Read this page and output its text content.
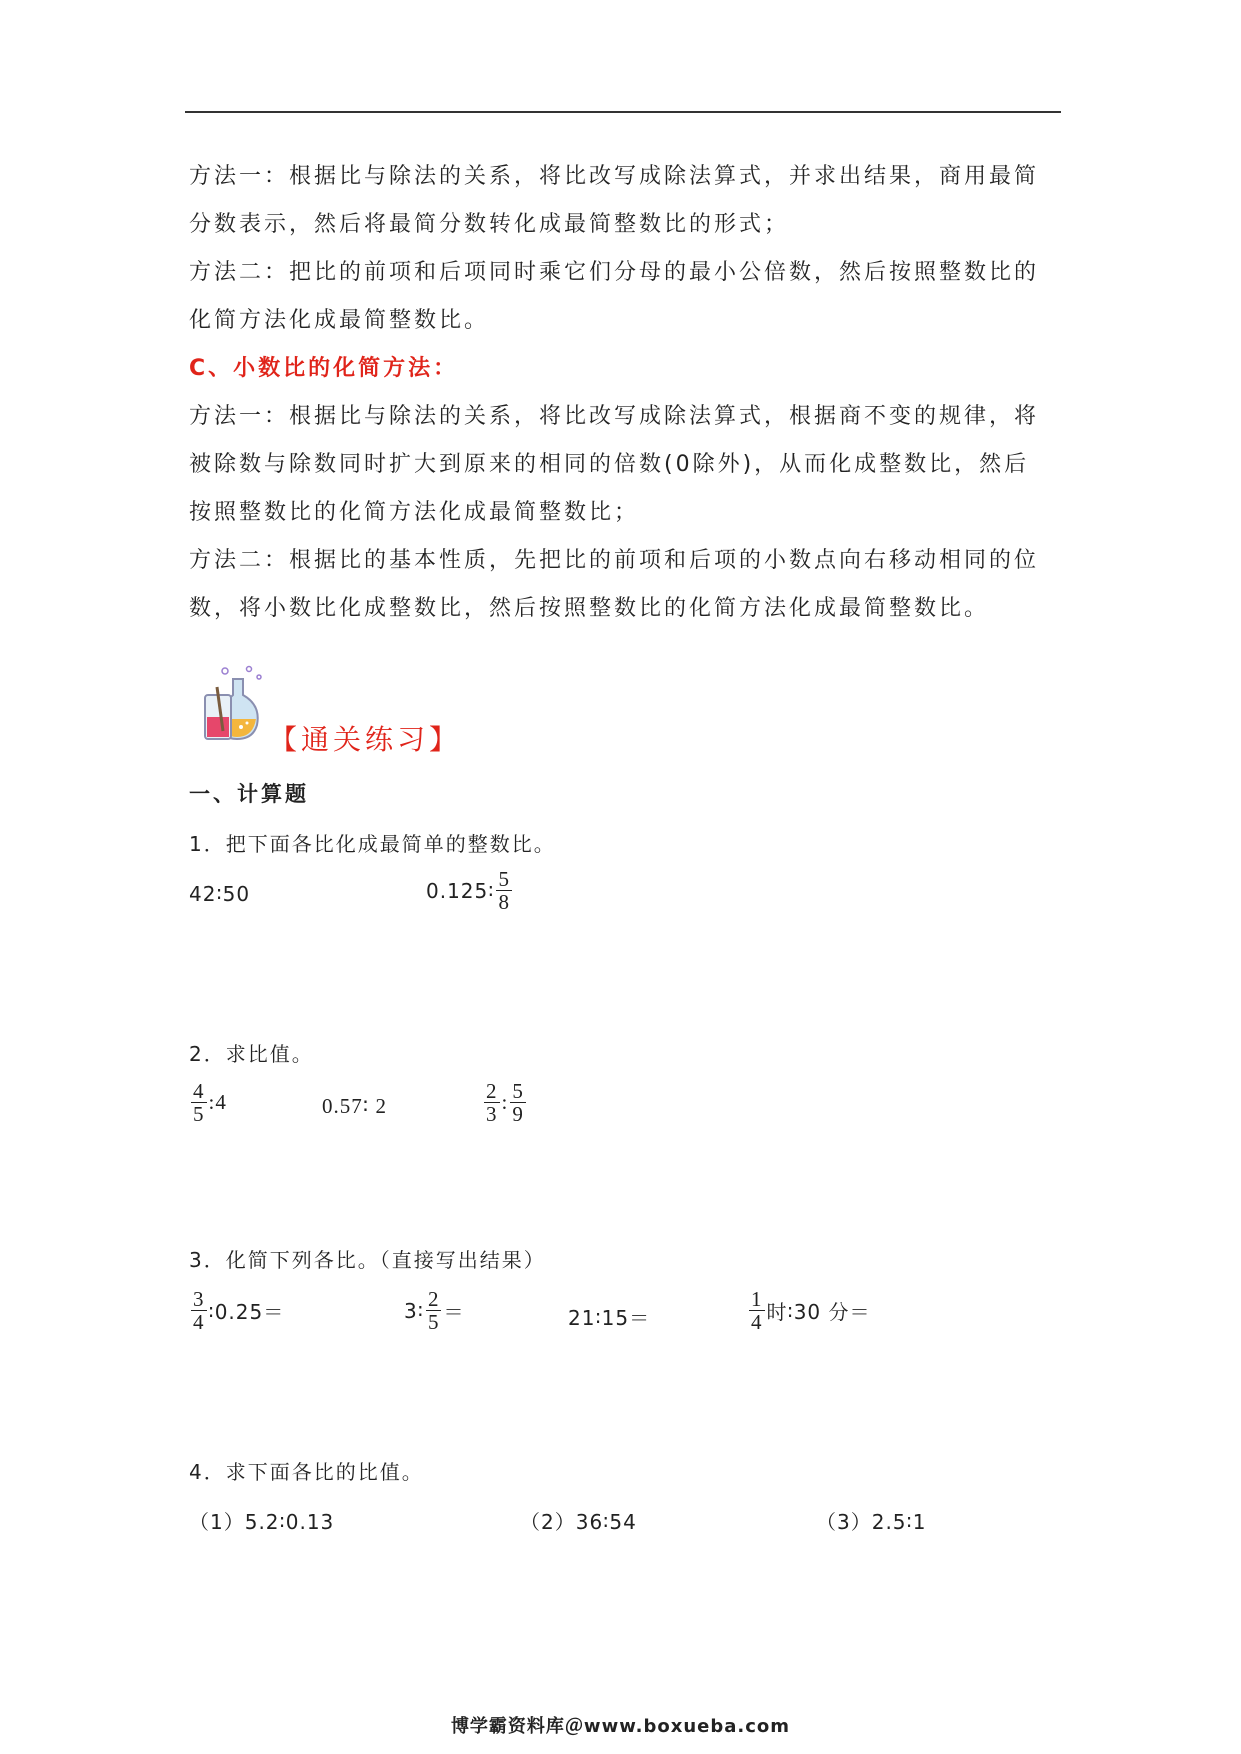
方法一：根据比与除法的关系，将比改写成除法算式，并求出结果，商用最简分数表示，然后将最简分数转化成最简整数比的形式；

方法二：把比的前项和后项同时乘它们分母的最小公倍数，然后按照整数比的化简方法化成最简整数比。

C、小数比的化简方法：

方法一：根据比与除法的关系，将比改写成除法算式，根据商不变的规律，将被除数与除数同时扩大到原来的相同的倍数(0除外)，从而化成整数比，然后按照整数比的化简方法化成最简整数比；

方法二：根据比的基本性质，先把比的前项和后项的小数点向右移动相同的位数，将小数比化成整数比，然后按照整数比的化简方法化成最简整数比。

【通关练习】
一、计算题
1．把下面各比化成最简单的整数比。
42∶50	0.125∶ $\frac{5}{8}$
2．求比值。
$\frac{4}{5}$ :4	0.57∶ 2	$\frac{2}{3}$ : $\frac{5}{9}$
3．化简下列各比。（直接写出结果）
$\frac{3}{4}$ ∶0.25＝	3∶ $\frac{2}{5}$ ＝	21∶15＝	$\frac{1}{4}$ 时∶30 分＝
4．求下面各比的比值。
（1）5.2∶0.13	（2）36∶54	（3）2.5∶1
博学霸资料库＠www.boxueba.com
